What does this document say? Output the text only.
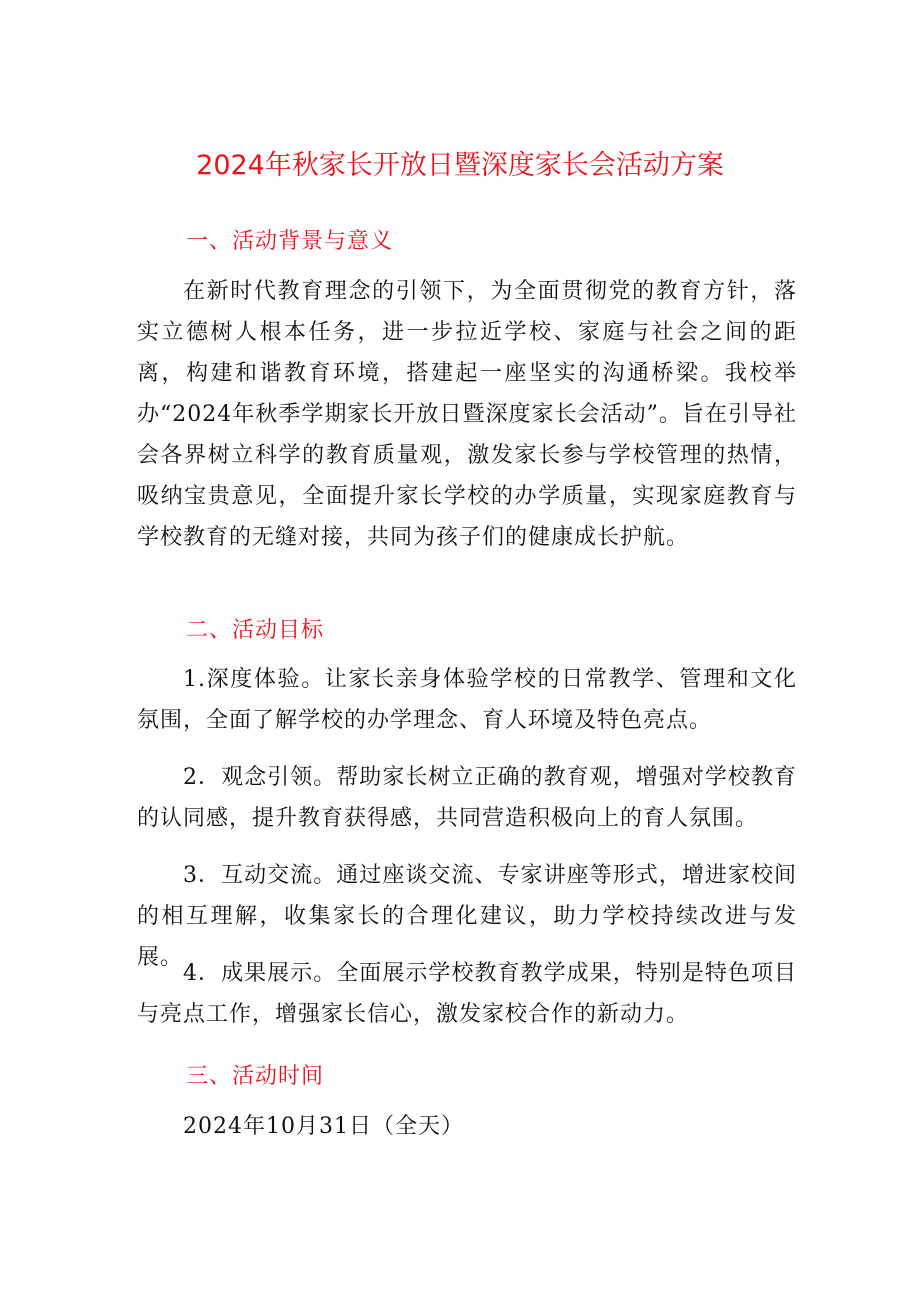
2024年秋家长开放日暨深度家长会活动方案
一、活动背景与意义

在新时代教育理念的引领下，为全面贯彻党的教育方针，落实立德树人根本任务，进一步拉近学校、家庭与社会之间的距离，构建和谐教育环境，搭建起一座坚实的沟通桥梁。我校举办“2024年秋季学期家长开放日暨深度家长会活动”。旨在引导社会各界树立科学的教育质量观，激发家长参与学校管理的热情，吸纳宝贵意见，全面提升家长学校的办学质量，实现家庭教育与学校教育的无缝对接，共同为孩子们的健康成长护航。

二、活动目标

1.深度体验。让家长亲身体验学校的日常教学、管理和文化氛围，全面了解学校的办学理念、育人环境及特色亮点。

2．观念引领。帮助家长树立正确的教育观，增强对学校教育的认同感，提升教育获得感，共同营造积极向上的育人氛围。

3．互动交流。通过座谈交流、专家讲座等形式，增进家校间的相互理解，收集家长的合理化建议，助力学校持续改进与发展。

4．成果展示。全面展示学校教育教学成果，特别是特色项目与亮点工作，增强家长信心，激发家校合作的新动力。

三、活动时间

2024年10月31日（全天）
